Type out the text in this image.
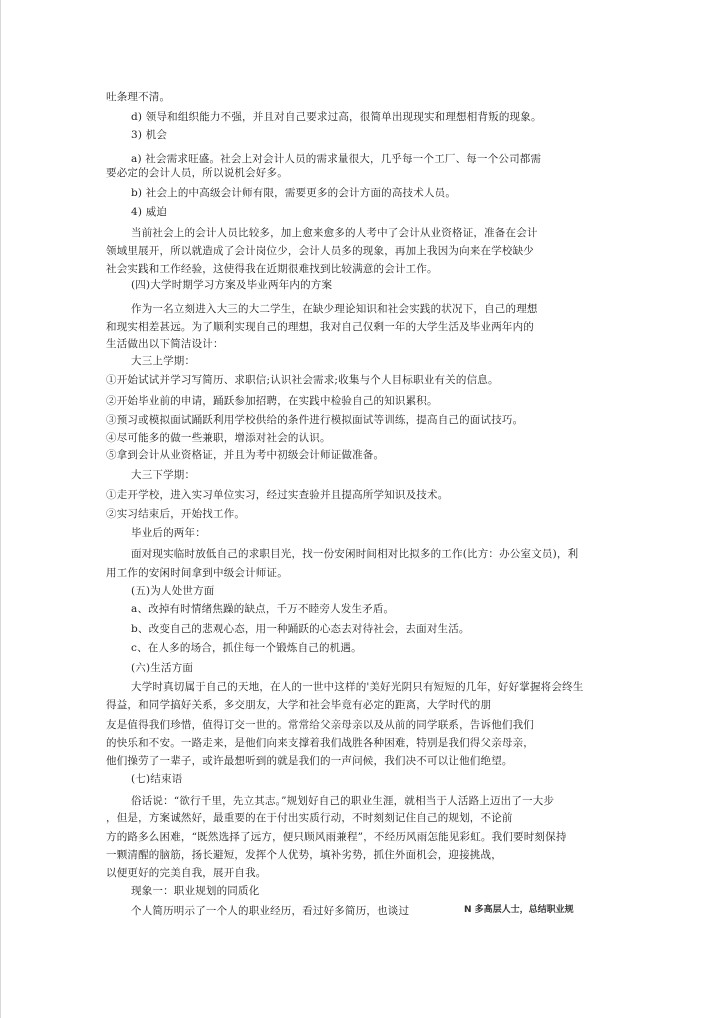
吐条理不清。
d) 领导和组织能力不强，并且对自己要求过高，很简单出现现实和理想相背叛的现象。
3) 机会
a) 社会需求旺盛。社会上对会计人员的需求量很大，几乎每一个工厂、每一个公司都需
要必定的会计人员，所以说机会好多。
b) 社会上的中高级会计师有限，需要更多的会计方面的高技术人员。
4) 威迫
当前社会上的会计人员比较多，加上愈来愈多的人考中了会计从业资格证，准备在会计
领域里展开，所以就造成了会计岗位少，会计人员多的现象，再加上我因为向来在学校缺少
社会实践和工作经验，这使得我在近期很难找到比较满意的会计工作。
(四)大学时期学习方案及毕业两年内的方案
作为一名立刻进入大三的大二学生，在缺少理论知识和社会实践的状况下，自己的理想
和现实相差甚远。为了顺利实现自己的理想，我对自己仅剩一年的大学生活及毕业两年内的
生活做出以下简洁设计：
大三上学期：
①开始试试并学习写简历、求职信;认识社会需求;收集与个人目标职业有关的信息。
②开始毕业前的申请，踊跃参加招聘，在实践中检验自己的知识累积。
③预习或模拟面试踊跃利用学校供给的条件进行模拟面试等训练，提高自己的面试技巧。
④尽可能多的做一些兼职，增添对社会的认识。
⑤拿到会计从业资格证，并且为考中初级会计师证做准备。
大三下学期：
①走开学校，进入实习单位实习，经过实查验并且提高所学知识及技术。
②实习结束后，开始找工作。
毕业后的两年：
面对现实临时放低自己的求职目光，找一份安闲时间相对比拟多的工作(比方：办公室文员)，利
用工作的安闲时间拿到中级会计师证。
(五)为人处世方面
a、改掉有时情绪焦躁的缺点，千万不睦旁人发生矛盾。
b、改变自己的悲观心态，用一种踊跃的心态去对待社会，去面对生活。
c、在人多的场合，抓住每一个锻炼自己的机遇。
(六)生活方面
大学时真切属于自己的天地，在人的一世中这样的'美好光阴只有短短的几年，好好掌握将会终生
得益，和同学搞好关系，多交朋友，大学和社会毕竟有必定的距离，大学时代的朋
友是值得我们珍惜，值得订交一世的。常常给父亲母亲以及从前的同学联系，告诉他们我们
的快乐和不安。一路走来，是他们向来支撑着我们战胜各种困难，特别是我们得父亲母亲，
他们操劳了一辈子，或许最想听到的就是我们的一声问候，我们决不可以让他们绝望。
(七)结束语
俗话说：“欲行千里，先立其志。”规划好自己的职业生涯，就相当于人活路上迈出了一大步
，但是，方案诚然好，最重要的在于付出实质行动，不时刻刻记住自己的规划，不论前
方的路多么困难，“既然选择了远方，便只顾风雨兼程”，不经历风雨怎能见彩虹。我们要时刻保持
一颗清醒的脑筋，扬长避短，发挥个人优势，填补劣势，抓住外面机会，迎接挑战，
以便更好的完美自我，展开自我。
现象一：职业规划的同质化
个人简历明示了一个人的职业经历，看过好多简历，也谈过	N 多高层人士，总结职业规
